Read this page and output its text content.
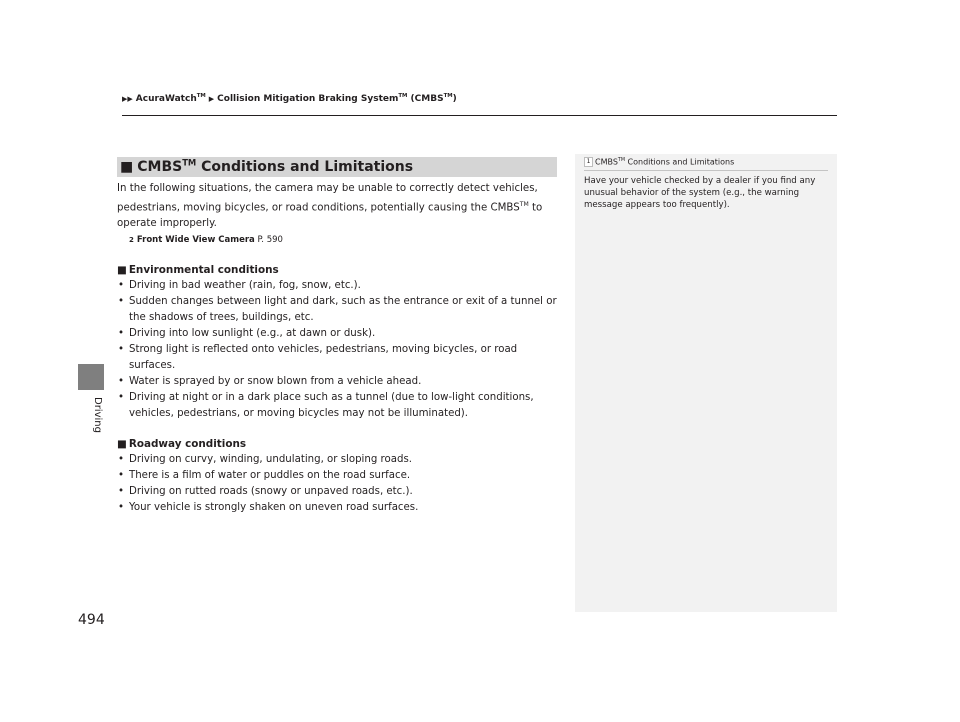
▶▶ AcuraWatch™ ▶ Collision Mitigation Braking System™ (CMBS™)
Driving
494
■ CMBS™ Conditions and Limitations

In the following situations, the camera may be unable to correctly detect vehicles, pedestrians, moving bicycles, or road conditions, potentially causing the CMBS™ to operate improperly.

2 Front Wide View Camera P. 590
■ Environmental conditions
• Driving in bad weather (rain, fog, snow, etc.).
• Sudden changes between light and dark, such as the entrance or exit of a tunnel or the shadows of trees, buildings, etc.
• Driving into low sunlight (e.g., at dawn or dusk).
• Strong light is reflected onto vehicles, pedestrians, moving bicycles, or road surfaces.
• Water is sprayed by or snow blown from a vehicle ahead.
• Driving at night or in a dark place such as a tunnel (due to low-light conditions, vehicles, pedestrians, or moving bicycles may not be illuminated).
■ Roadway conditions
• Driving on curvy, winding, undulating, or sloping roads.
• There is a film of water or puddles on the road surface.
• Driving on rutted roads (snowy or unpaved roads, etc.).
• Your vehicle is strongly shaken on uneven road surfaces.
1 CMBS™ Conditions and Limitations
Have your vehicle checked by a dealer if you find any unusual behavior of the system (e.g., the warning message appears too frequently).
